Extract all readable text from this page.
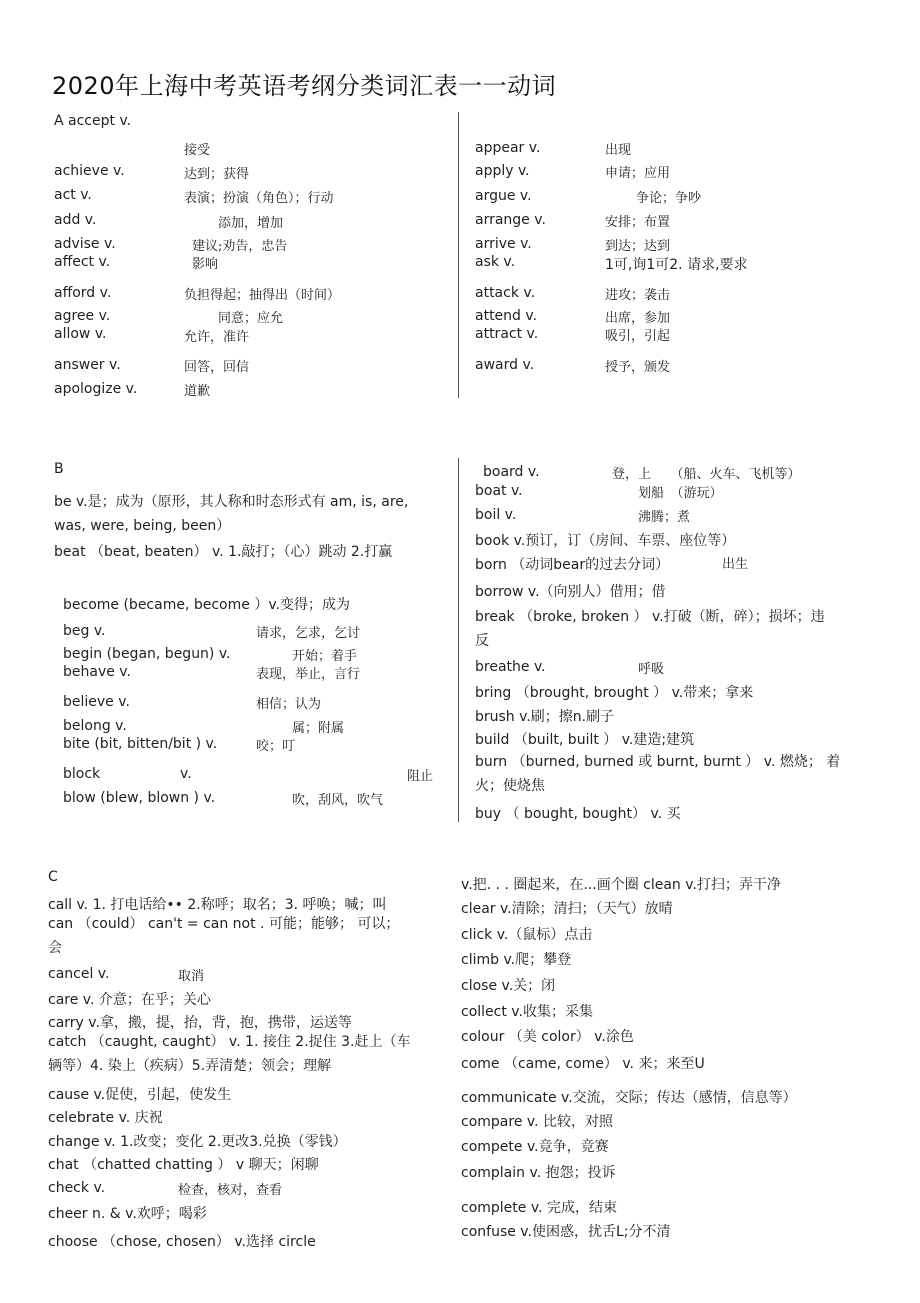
2020年上海中考英语考纲分类词汇表一一动词
A accept v.
接受
achieve v.	达到；获得
act v.	表演；扮演（角色）；行动
add v.	添加，增加
advise v.	建议;劝告，忠告
affect v.	影响
afford v.	负担得起；抽得出（时间）
agree v.	同意；应允
allow v.	允许，准许
answer v.	回答，回信
apologize v.	道歉
appear v.	出现
apply v.	申请；应用
argue v.	争论；争吵
arrange v.	安排；布置
arrive v.	到达；达到
ask v.	1可,询1可2. 请求,要求
attack v.	进攻；袭击
attend v.	出席，参加
attract v.	吸引，引起
award v.	授予，颁发
B
be v.是；成为（原形，其人称和时态形式有 am, is, are, was, were, being, been）
beat （beat, beaten） v. 1.敲打；（心）跳动 2.打赢
become (became, become ）v.变得；成为
beg v.	请求，乞求，乞讨
begin (began, begun) v.	开始；着手
behave v.	表现，举止，言行
believe v.	相信；认为
belong v.	属；附属
bite (bit, bitten/bit ) v.	咬；叮
block	v.	阻止
blow (blew, blown ) v.	吹，刮风，吹气
board v.	登，上　　（船、火车、飞机等）
boat v.	划船　（游玩）
boil v.	沸腾；煮
book v.预订，订（房间、车票、座位等）
born （动词bear的过去分词）	出生
borrow v.（向别人）借用；借
break （broke, broken ） v.打破（断，碎）；损坏；违反
breathe v.	呼吸
bring （brought, brought ） v.带来；拿来
brush v.刷；擦n.刷子
build （built, built ） v.建造;建筑
burn （burned, burned 或 burnt, burnt ） v. 燃烧； 着火；使烧焦
buy （ bought, bought） v. 买
C
call v. 1. 打电话给•• 2.称呼；取名；3. 呼唤；喊；叫
can （could） can't = can not . 可能；能够； 可以；会
cancel v.	取消
care v. 介意；在乎；关心
carry v.拿，搬，提，抬，背，抱，携带，运送等
catch （caught, caught） v. 1. 接住 2.捉住 3.赶上（车辆等）4. 染上（疾病）5.弄清楚；领会；理解
cause v.促使，引起，使发生
celebrate v. 庆祝
change v. 1.改变；变化 2.更改3.兑换（零钱）
chat （chatted chatting ） v 聊天；闲聊
check v.	检查，核对，查看
cheer n. & v.欢呼；喝彩
choose （chose, chosen） v.选择 circle
v.把. . . 圈起来，在...画个圈 clean v.打扫；弄干净
clear v.清除；清扫；（天气）放晴
click v.（鼠标）点击
climb v.爬；攀登
close v.关；闭
collect v.收集；采集
colour （美 color） v.涂色
come （came, come） v. 来；来至U
communicate v.交流，交际；传达（感情，信息等）
compare v. 比较，对照
compete v.竞争，竞赛
complain v. 抱怨；投诉
complete v. 完成，结束
confuse v.使困惑，扰舌L;分不清
